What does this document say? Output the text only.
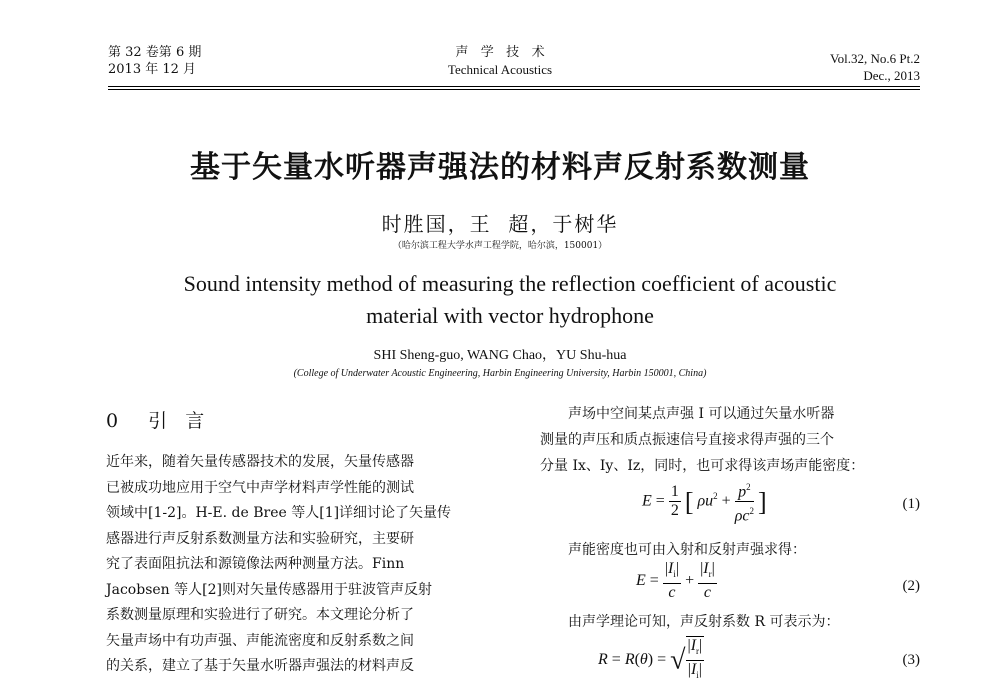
第 32 卷第 6 期
2013 年 12 月
声   学   技   术
Technical Acoustics
Vol.32, No.6 Pt.2
Dec., 2013
基于矢量水听器声强法的材料声反射系数测量
时胜国，王  超，于树华
（哈尔滨工程大学水声工程学院，哈尔滨，150001）
Sound intensity method of measuring the reflection coefficient of acoustic
material with vector hydrophone
SHI Sheng-guo, WANG Chao，YU Shu-hua
(College of Underwater Acoustic Engineering, Harbin Engineering University, Harbin 150001, China)
0  引 言
近年来，随着矢量传感器技术的发展，矢量传感器
已被成功地应用于空气中声学材料声学性能的测试
领域中[1-2]。H-E. de Bree 等人[1]详细讨论了矢量传
感器进行声反射系数测量方法和实验研究，主要研
究了表面阻抗法和源镜像法两种测量方法。Finn
Jacobsen 等人[2]则对矢量传感器用于驻波管声反射
系数测量原理和实验进行了研究。本文理论分析了
矢量声场中有功声强、声能流密度和反射系数之间
的关系，建立了基于矢量水听器声强法的材料声反
声场中空间某点声强 I 可以通过矢量水听器
测量的声压和质点振速信号直接求得声强的三个
分量 Ix、Iy、Iz，同时，也可求得该声场声能密度：
$E = \frac{1}{2}$ [ $\rho u^2 + \frac{p^2}{\rho c^2}$ ]	(1)
声能密度也可由入射和反射声强求得：
$E = \frac{|I_i|}{c} + \frac{|I_r|}{c}$	(2)
由声学理论可知，声反射系数 R 可表示为：
R = R(θ) = √ $\frac{|I_r|}{|I_i|}$	(3)
